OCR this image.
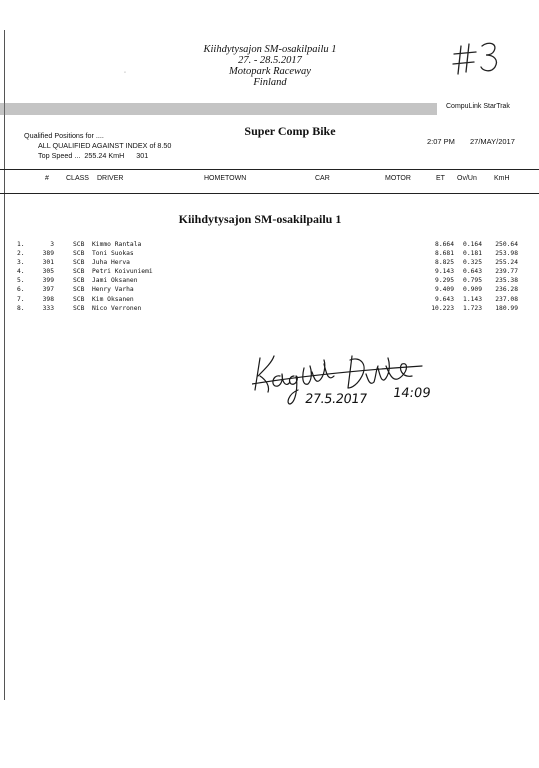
◦
Kiihdytysajon SM-osakilpailu 1
27. - 28.5.2017
Motopark Raceway
Finland
CompuLink StarTrak
Qualified Positions for ....
ALL QUALIFIED AGAINST INDEX of 8.50
Top Speed ...  255.24 KmH      301
Super Comp Bike
2:07 PM 27/MAY/2017
# CLASS DRIVER	HOMETOWN	CAR	MOTOR	ET Ov/Un KmH
Kiihdytysajon SM-osakilpailu 1
1.	3	SCB Kimmo Rantala	8.664	0.164	250.64
2.	389	SCB Toni Suokas	8.681	0.181	253.98
3.	301	SCB Juha Herva	8.825	0.325	255.24
4.	305	SCB Petri Koivuniemi	9.143	0.643	239.77
5.	399	SCB Jami Oksanen	9.295	0.795	235.38
6.	397	SCB Henry Varha	9.409	0.909	236.28
7.	398	SCB Kim Oksanen	9.643	1.143	237.08
8.	333	SCB Nico Verronen	10.223	1.723	180.99
27.5.2017 14:09
